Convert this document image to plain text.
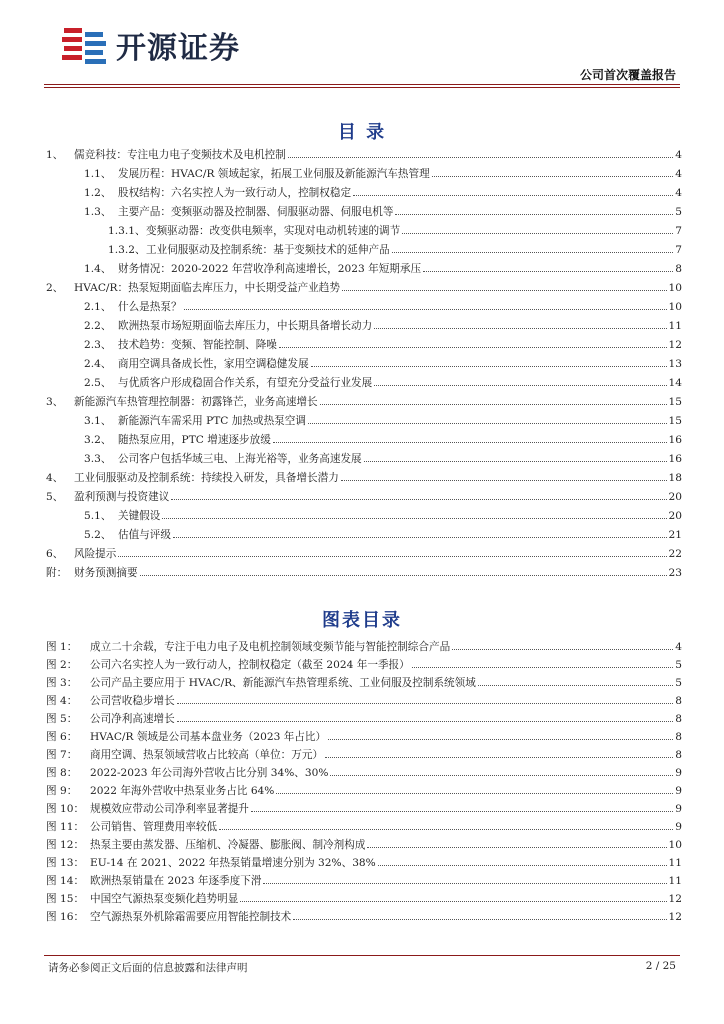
开源证券
公司首次覆盖报告
目 录
1、 儒竞科技：专注电力电子变频技术及电机控制	4
1.1、 发展历程：HVAC/R 领域起家，拓展工业伺服及新能源汽车热管理	4
1.2、 股权结构：六名实控人为一致行动人，控制权稳定	4
1.3、 主要产品：变频驱动器及控制器、伺服驱动器、伺服电机等	5
1.3.1、 变频驱动器：改变供电频率，实现对电动机转速的调节	7
1.3.2、 工业伺服驱动及控制系统：基于变频技术的延伸产品	7
1.4、 财务情况：2020-2022 年营收净利高速增长，2023 年短期承压	8
2、 HVAC/R：热泵短期面临去库压力，中长期受益产业趋势	10
2.1、 什么是热泵？	10
2.2、 欧洲热泵市场短期面临去库压力，中长期具备增长动力	11
2.3、 技术趋势：变频、智能控制、降噪	12
2.4、 商用空调具备成长性，家用空调稳健发展	13
2.5、 与优质客户形成稳固合作关系，有望充分受益行业发展	14
3、 新能源汽车热管理控制器：初露锋芒，业务高速增长	15
3.1、 新能源汽车需采用 PTC 加热或热泵空调	15
3.2、 随热泵应用，PTC 增速逐步放缓	16
3.3、 公司客户包括华域三电、上海光裕等，业务高速发展	16
4、 工业伺服驱动及控制系统：持续投入研发，具备增长潜力	18
5、 盈利预测与投资建议	20
5.1、 关键假设	20
5.2、 估值与评级	21
6、 风险提示	22
附： 财务预测摘要	23
图表目录
图 1：	成立二十余载，专注于电力电子及电机控制领域变频节能与智能控制综合产品	4
图 2：	公司六名实控人为一致行动人，控制权稳定（截至 2024 年一季报）	5
图 3：	公司产品主要应用于 HVAC/R、新能源汽车热管理系统、工业伺服及控制系统领域	5
图 4：	公司营收稳步增长	8
图 5：	公司净利高速增长	8
图 6：	HVAC/R 领域是公司基本盘业务（2023 年占比）	8
图 7：	商用空调、热泵领域营收占比较高（单位：万元）	8
图 8：	2022-2023 年公司海外营收占比分别 34%、30%	9
图 9：	2022 年海外营收中热泵业务占比 64%	9
图 10： 规模效应带动公司净利率显著提升	9
图 11： 公司销售、管理费用率较低	9
图 12： 热泵主要由蒸发器、压缩机、冷凝器、膨胀阀、制冷剂构成	10
图 13： EU-14 在 2021、2022 年热泵销量增速分别为 32%、38%	11
图 14： 欧洲热泵销量在 2023 年逐季度下滑	11
图 15： 中国空气源热泵变频化趋势明显	12
图 16： 空气源热泵外机除霜需要应用智能控制技术	12
请务必参阅正文后面的信息披露和法律声明	2 / 25
